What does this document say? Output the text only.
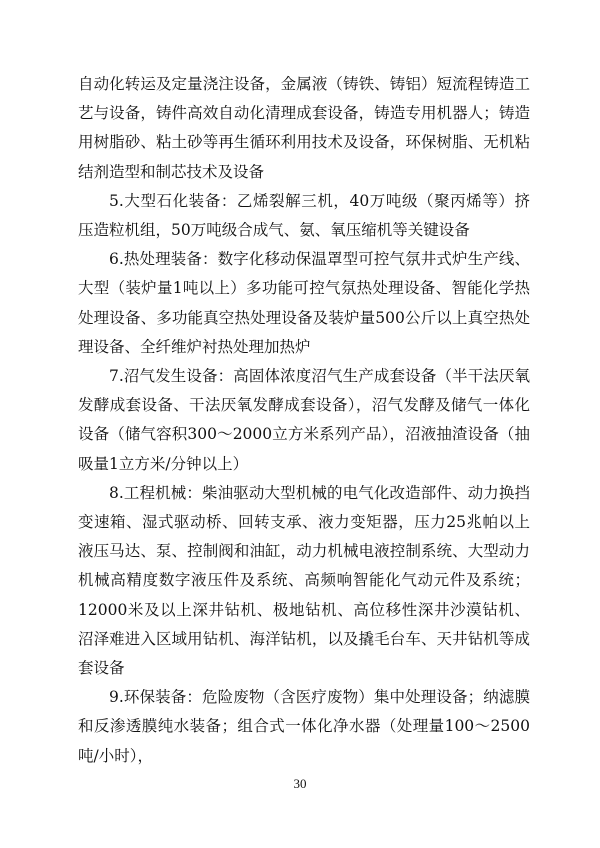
自动化转运及定量浇注设备，金属液（铸铁、铸铝）短流程铸造工艺与设备，铸件高效自动化清理成套设备，铸造专用机器人；铸造用树脂砂、粘土砂等再生循环利用技术及设备，环保树脂、无机粘结剂造型和制芯技术及设备

5.大型石化装备：乙烯裂解三机，40万吨级（聚丙烯等）挤压造粒机组，50万吨级合成气、氨、氧压缩机等关键设备

6.热处理装备：数字化移动保温罩型可控气氛井式炉生产线、大型（装炉量1吨以上）多功能可控气氛热处理设备、智能化学热处理设备、多功能真空热处理设备及装炉量500公斤以上真空热处理设备、全纤维炉衬热处理加热炉

7.沼气发生设备：高固体浓度沼气生产成套设备（半干法厌氧发酵成套设备、干法厌氧发酵成套设备），沼气发酵及储气一体化设备（储气容积300～2000立方米系列产品），沼液抽渣设备（抽吸量1立方米/分钟以上）

8.工程机械：柴油驱动大型机械的电气化改造部件、动力换挡变速箱、湿式驱动桥、回转支承、液力变矩器，压力25兆帕以上液压马达、泵、控制阀和油缸，动力机械电液控制系统、大型动力机械高精度数字液压件及系统、高频响智能化气动元件及系统；12000米及以上深井钻机、极地钻机、高位移性深井沙漠钻机、沼泽难进入区域用钻机、海洋钻机，以及撬毛台车、天井钻机等成套设备

9.环保装备：危险废物（含医疗废物）集中处理设备；纳滤膜和反渗透膜纯水装备；组合式一体化净水器（处理量100～2500吨/小时），

30
